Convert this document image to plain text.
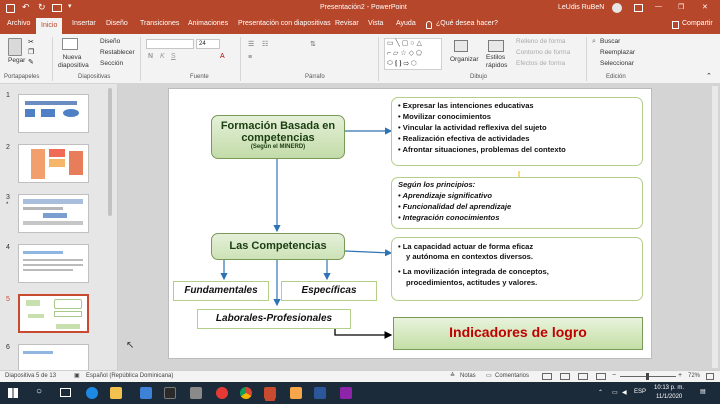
↶ ↻	▾	Presentación2 - PowerPoint	LeUdis RuBeN	— ❐	✕
Archivo	Inicio	Insertar Diseño Transiciones Animaciones Presentación con diapositivas Revisar Vista Ayuda	¿Qué desea hacer?	Compartir
Pegar
✂
❐
✎
Portapapeles
Nueva diapositiva
Diseño
Restablecer
Sección
Diapositivas
24
N K S	A
Fuente
☰ ☷
≡
⇅
Párrafo
▭ ╲ ▢ ○ △
⌐ ▱ ☆ ◇ ⬠
⬭ ❴ ❵ ⇨ ⬡
Organizar Estilos rápidos
Relleno de forma
Contorno de forma
Efectos de forma
Dibujo
⌕ Buscar
Reemplazar
Seleccionar
Edición	⌃
1
2
3
*
4
5
6
Formación Basada en
competencias
(Según el MINERD)
• Expresar las intenciones educativas
• Movilizar conocimientos
• Vincular la actividad reflexiva del sujeto
• Realización efectiva de actividades
• Afrontar situaciones, problemas del contexto
Según los principios:
• Aprendizaje significativo
• Funcionalidad del aprendizaje
• Integración conocimientos
Las Competencias	• La capacidad actuar de forma eficaz
y autónoma en contextos diversos.
• La movilización integrada de conceptos,
procedimientos, actitudes y valores.
Fundamentales	Específicas
Laborales-Profesionales
Indicadores de logro
↖
Diapositiva 5 de 13	▣ Español (República Dominicana)	≙ Notas ▭ Comentarios	−	+ 72%
○	⌃ ▭ ◀ ESP
10:13 p. m.
11/1/2020
▤
